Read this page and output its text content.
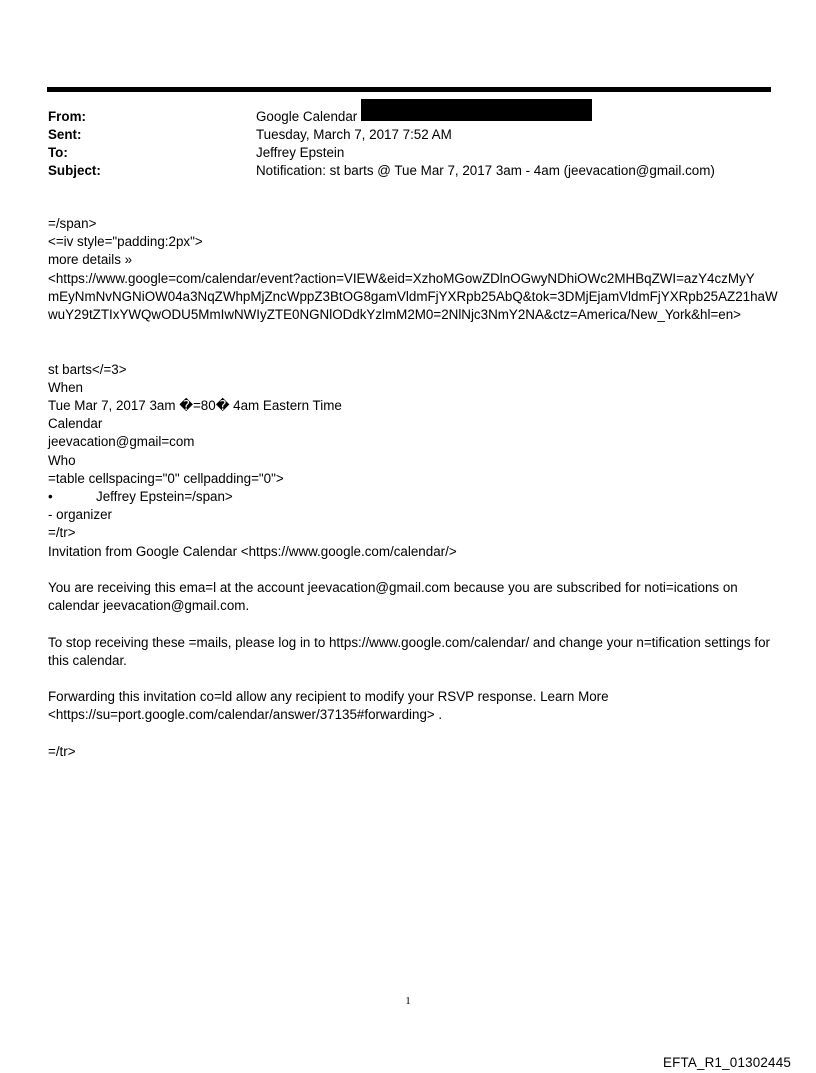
From:	Google Calendar
Sent:	Tuesday, March 7, 2017 7:52 AM
To:	Jeffrey Epstein
Subject:	Notification: st barts @ Tue Mar 7, 2017 3am - 4am (jeevacation@gmail.com)
=/span>
<=iv style="padding:2px">
more details »
<https://www.google=com/calendar/event?action=VIEW&eid=XzhoMGowZDlnOGwyNDhiOWc2MHBqZWI=azY4czMyY
mEyNmNvNGNiOW04a3NqZWhpMjZncWppZ3BtOG8gamVldmFjYXRpb25AbQ&tok=3DMjEjamVldmFjYXRpb25AZ21haW
wuY29tZTIxYWQwODU5MmIwNWIyZTE0NGNlODdkYzlmM2M0=2NlNjc3NmY2NA&ctz=America/New_York&hl=en>
st barts</=3>
When
Tue Mar 7, 2017 3am �=80� 4am Eastern Time
Calendar
jeevacation@gmail=com
Who
=table cellspacing="0" cellpadding="0">
•	Jeffrey Epstein=/span>
- organizer
=/tr>
Invitation from Google Calendar <https://www.google.com/calendar/>
You are receiving this ema=l at the account jeevacation@gmail.com because you are subscribed for noti=ications on calendar jeevacation@gmail.com.
To stop receiving these =mails, please log in to https://www.google.com/calendar/ and change your n=tification settings for this calendar.
Forwarding this invitation co=ld allow any recipient to modify your RSVP response. Learn More <https://su=port.google.com/calendar/answer/37135#forwarding> .
=/tr>
1
EFTA_R1_01302445
